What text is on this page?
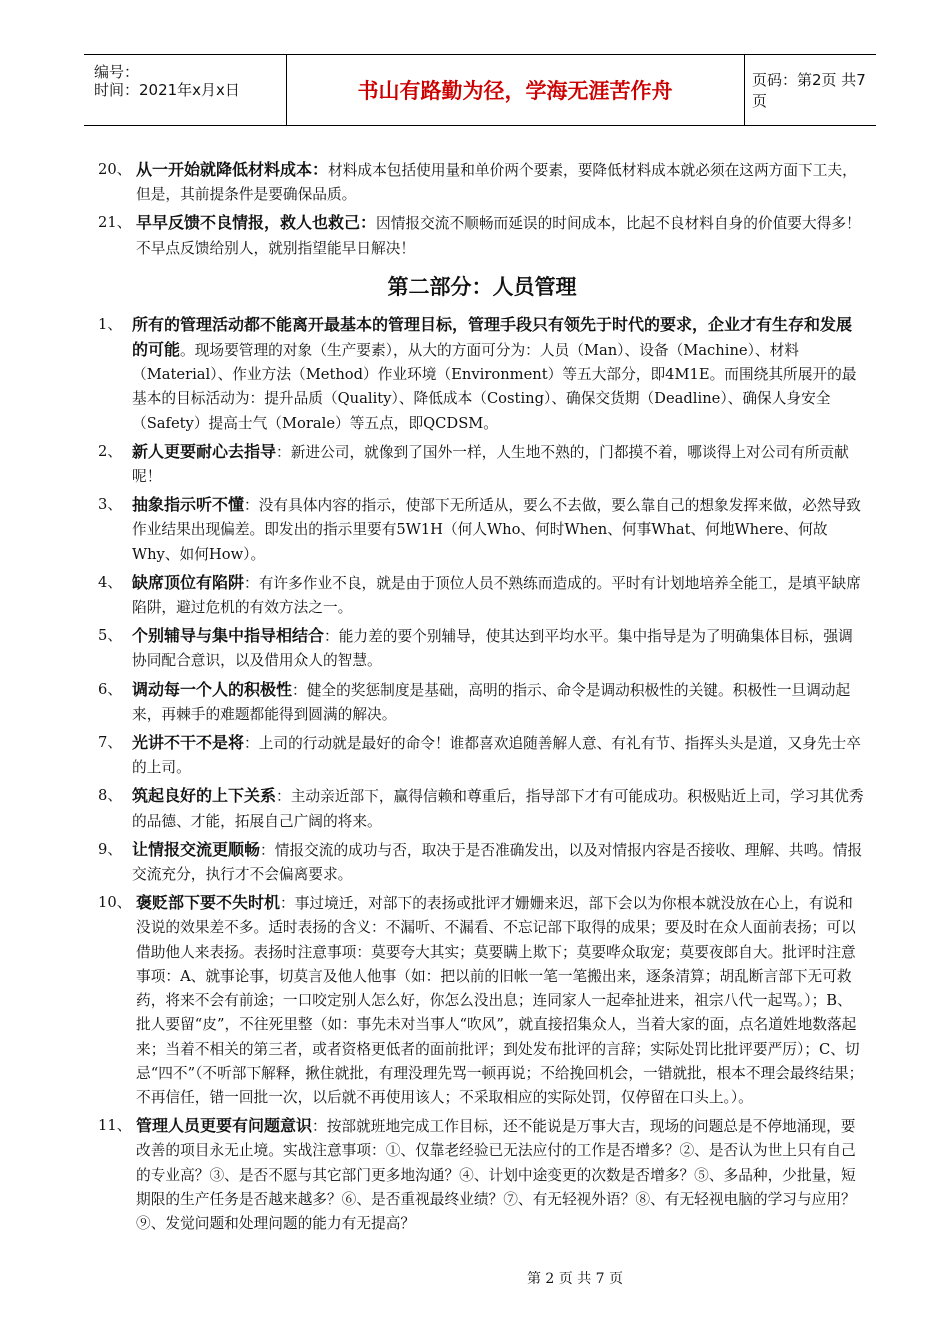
编号：
时间：2021年x月x日	书山有路勤为径，学海无涯苦作舟	页码：第2页 共7页
20、 从一开始就降低材料成本：材料成本包括使用量和单价两个要素，要降低材料成本就必须在这两方面下工夫，但是，其前提条件是要确保品质。
21、 早早反馈不良情报，救人也救己：因情报交流不顺畅而延误的时间成本，比起不良材料自身的价值要大得多！不早点反馈给别人，就别指望能早日解决！
第二部分：人员管理
1、 所有的管理活动都不能离开最基本的管理目标，管理手段只有领先于时代的要求，企业才有生存和发展的可能。现场要管理的对象（生产要素），从大的方面可分为：人员（Man）、设备（Machine）、材料（Material）、作业方法（Method）作业环境（Environment）等五大部分，即4M1E。而围绕其所展开的最基本的目标活动为：提升品质（Quality）、降低成本（Costing）、确保交货期（Deadline）、确保人身安全（Safety）提高士气（Morale）等五点，即QCDSM。
2、 新人更要耐心去指导：新进公司，就像到了国外一样，人生地不熟的，门都摸不着，哪谈得上对公司有所贡献呢！
3、 抽象指示听不懂：没有具体内容的指示，使部下无所适从，要么不去做，要么靠自己的想象发挥来做，必然导致作业结果出现偏差。即发出的指示里要有5W1H（何人Who、何时When、何事What、何地Where、何故Why、如何How）。
4、 缺席顶位有陷阱：有许多作业不良，就是由于顶位人员不熟练而造成的。平时有计划地培养全能工，是填平缺席陷阱，避过危机的有效方法之一。
5、 个别辅导与集中指导相结合：能力差的要个别辅导，使其达到平均水平。集中指导是为了明确集体目标，强调协同配合意识，以及借用众人的智慧。
6、 调动每一个人的积极性：健全的奖惩制度是基础，高明的指示、命令是调动积极性的关键。积极性一旦调动起来，再棘手的难题都能得到圆满的解决。
7、 光讲不干不是将：上司的行动就是最好的命令！谁都喜欢追随善解人意、有礼有节、指挥头头是道，又身先士卒的上司。
8、 筑起良好的上下关系：主动亲近部下，赢得信赖和尊重后，指导部下才有可能成功。积极贴近上司，学习其优秀的品德、才能，拓展自己广阔的将来。
9、 让情报交流更顺畅：情报交流的成功与否，取决于是否准确发出，以及对情报内容是否接收、理解、共鸣。情报交流充分，执行才不会偏离要求。
10、 褒贬部下要不失时机：事过境迁，对部下的表扬或批评才姗姗来迟，部下会以为你根本就没放在心上，有说和没说的效果差不多。适时表扬的含义：不漏听、不漏看、不忘记部下取得的成果；要及时在众人面前表扬；可以借助他人来表扬。表扬时注意事项：莫要夸大其实；莫要瞒上欺下；莫要哗众取宠；莫要夜郎自大。批评时注意事项：A、就事论事，切莫言及他人他事（如：把以前的旧帐一笔一笔搬出来，逐条清算；胡乱断言部下无可救药，将来不会有前途；一口咬定别人怎么好，你怎么没出息；连同家人一起牵扯进来，祖宗八代一起骂。）；B、批人要留“皮”，不往死里整（如：事先未对当事人“吹风”，就直接招集众人，当着大家的面，点名道姓地数落起来；当着不相关的第三者，或者资格更低者的面前批评；到处发布批评的言辞；实际处罚比批评要严厉）；C、切忌“四不”（不听部下解释，揪住就批，有理没理先骂一顿再说；不给挽回机会，一错就批，根本不理会最终结果；不再信任，错一回批一次，以后就不再使用该人；不采取相应的实际处罚，仅停留在口头上。）。
11、 管理人员更要有问题意识：按部就班地完成工作目标，还不能说是万事大吉，现场的问题总是不停地涌现，要改善的项目永无止境。实战注意事项：①、仅靠老经验已无法应付的工作是否增多？②、是否认为世上只有自己的专业高？③、是否不愿与其它部门更多地沟通？④、计划中途变更的次数是否增多？⑤、多品种，少批量，短期限的生产任务是否越来越多？⑥、是否重视最终业绩？⑦、有无轻视外语？⑧、有无轻视电脑的学习与应用？⑨、发觉问题和处理问题的能力有无提高？
第 2 页 共 7 页
